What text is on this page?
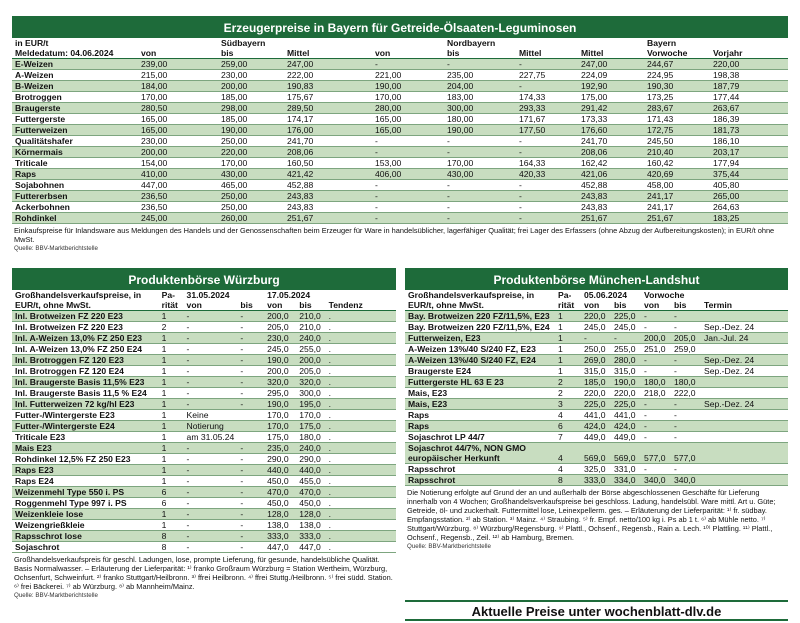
Erzeugerpreise in Bayern für Getreide-Ölsaaten-Leguminosen
in EUR/t		Südbayern			Nordbayern			Bayern	
Meldedatum: 04.06.2024	von	bis	Mittel	von	bis	Mittel	Mittel	Vorwoche	Vorjahr
E-Weizen	239,00	259,00	247,00	-	-	-	247,00	244,67	220,00
A-Weizen	215,00	230,00	222,00	221,00	235,00	227,75	224,09	224,95	198,38
B-Weizen	184,00	200,00	190,83	190,00	204,00	-	192,90	190,30	187,79
Brotroggen	170,00	185,00	175,67	170,00	183,00	174,33	175,00	173,25	177,44
Braugerste	280,50	298,00	289,50	280,00	300,00	293,33	291,42	283,67	263,67
Futtergerste	165,00	185,00	174,17	165,00	180,00	171,67	173,33	171,43	186,39
Futterweizen	165,00	190,00	176,00	165,00	190,00	177,50	176,60	172,75	181,73
Qualitätshafer	230,00	250,00	241,70	-	-	-	241,70	245,50	186,10
Körnermais	200,00	220,00	208,06	-	-	-	208,06	210,40	203,17
Triticale	154,00	170,00	160,50	153,00	170,00	164,33	162,42	160,42	177,94
Raps	410,00	430,00	421,42	406,00	430,00	420,33	421,06	420,69	375,44
Sojabohnen	447,00	465,00	452,88	-	-	-	452,88	458,00	405,80
Futtererbsen	236,50	250,00	243,83	-	-	-	243,83	241,17	265,00
Ackerbohnen	236,50	250,00	243,83	-	-	-	243,83	241,17	264,63
Rohdinkel	245,00	260,00	251,67	-	-	-	251,67	251,67	183,25
Einkaufspreise für Inlandsware aus Meldungen des Handels und der Genossenschaften beim Erzeuger für Ware in handelsüblicher, lagerfähiger Qualität; frei Lager des Erfassers (ohne Abzug der Aufbereitungskosten); in EUR/t ohne MwSt.
Quelle: BBV-Marktberichtstelle
Produktenbörse Würzburg
Großhandelsverkaufspreise, in EUR/t, ohne MwSt.	Pa-rität	31.05.2024		17.05.2024		Tendenz
		von	bis	von	bis	
Inl. Brotweizen FZ 220 E23	1	-	-	200,0	210,0	.
Inl. Brotweizen FZ 220 E23	2	-	-	205,0	210,0	.
Inl. A-Weizen 13,0% FZ 250 E23	1	-	-	230,0	240,0	.
Inl. A-Weizen 13,0% FZ 250 E24	1	-	-	245,0	255,0	.
Inl. Brotroggen FZ 120 E23	1	-	-	190,0	200,0	.
Inl. Brotroggen FZ 120 E24	1	-	-	200,0	205,0	.
Inl. Braugerste Basis 11,5% E23	1	-	-	320,0	320,0	.
Inl. Braugerste Basis 11,5 % E24	1	-	-	295,0	300,0	.
Inl. Futterweizen 72 kg/hl E23	1	-	-	190,0	195,0	.
Futter-/Wintergerste E23	1	Keine		170,0	170,0	.
Futter-/Wintergerste E24	1	Notierung		170,0	175,0	.
Triticale E23	1	am 31.05.24		175,0	180,0	.
Mais E23	1	-	-	235,0	240,0	.
Rohdinkel 12,5% FZ 250 E23	1	-	-	290,0	290,0	.
Raps E23	1	-	-	440,0	440,0	.
Raps E24	1	-	-	450,0	455,0	.
Weizenmehl Type 550 i. PS	6	-	-	470,0	470,0	.
Roggenmehl Type 997 i. PS	6	-	-	450,0	450,0	.
Weizenkleie lose	1	-	-	128,0	128,0	.
Weizengrießkleie	1	-	-	138,0	138,0	.
Rapsschrot lose	8	-	-	333,0	333,0	.
Sojaschrot	8	-	-	447,0	447,0	.
Großhandelsverkaufspreis für geschl. Ladungen, lose, prompte Lieferung, für gesunde, handelsübliche Qualität. Basis Normalwasser. – Erläuterung der Lieferparität: ¹⁾ franko Großraum Würzburg = Station Wertheim, Würzburg, Ochsenfurt, Schweinfurt. ²⁾ franko Stuttgart/Heilbronn. ³⁾ ffrei Heilbronn. ⁴⁾ ffrei Stuttg./Heilbronn. ⁵⁾ frei südd. Station. ⁶⁾ frei Bäckerei. ⁷⁾ ab Würzburg. ⁸⁾ ab Mannheim/Mainz.
Quelle: BBV-Marktberichtstelle
Produktenbörse München-Landshut
Großhandelsverkaufspreise, in EUR/t, ohne MwSt.	Pa-rität	05.06.2024		Vorwoche		Termin
		von	bis	von	bis	
Bay. Brotweizen 220 FZ/11,5%, E23	1	220,0	225,0	-	-	
Bay. Brotweizen 220 FZ/11,5%, E24	1	245,0	245,0	-	-	Sep.-Dez. 24
Futterweizen, E23	1	-	-	200,0	205,0	Jan.-Jul. 24
A-Weizen 13%/40 S/240 FZ, E23	1	250,0	255,0	251,0	259,0	
A-Weizen 13%/40 S/240 FZ, E24	1	269,0	280,0	-	-	Sep.-Dez. 24
Braugerste E24	1	315,0	315,0	-	-	Sep.-Dez. 24
Futtergerste HL 63 E 23	2	185,0	190,0	180,0	180,0	
Mais, E23	2	220,0	220,0	218,0	222,0	
Mais, E23	3	225,0	225,0	-	-	Sep.-Dez. 24
Raps	4	441,0	441,0	-	-	
Raps	6	424,0	424,0	-	-	
Sojaschrot LP 44/7	7	449,0	449,0	-	-	
Sojaschrot 44/7%, NON GMO europäischer Herkunft	4	569,0	569,0	577,0	577,0	
Rapsschrot	4	325,0	331,0	-	-	
Rapsschrot	8	333,0	334,0	340,0	340,0	
Die Notierung erfolgte auf Grund der an und außerhalb der Börse abgeschlossenen Geschäfte für Lieferung innerhalb von 4 Wochen; Großhandelsverkaufspreise bei geschloss. Ladung, handelsübl. Ware mittl. Art u. Güte; Getreide, öl- und zuckerhalt. Futtermittel lose, Leinexpellerm. ges. – Erläuterung der Lieferparität: ¹⁾ fr. südbay. Empfangsstation. ²⁾ ab Station. ³⁾ Mainz. ⁴⁾ Straubing. ⁵⁾ fr. Empf. netto/100 kg i. Ps ab 1 t. ⁶⁾ ab Mühle netto. ⁷⁾ Stuttgart/Würzburg. ⁸⁾ Würzburg/Regensburg. ⁹⁾ Plattl., Ochsenf., Regensb., Rain a. Lech. ¹⁰⁾ Plattling. ¹¹⁾ Plattl., Ochsenf., Regensb., Zeil. ¹²⁾ ab Hamburg, Bremen.
Quelle: BBV-Marktberichtstelle
Aktuelle Preise unter wochenblatt-dlv.de
